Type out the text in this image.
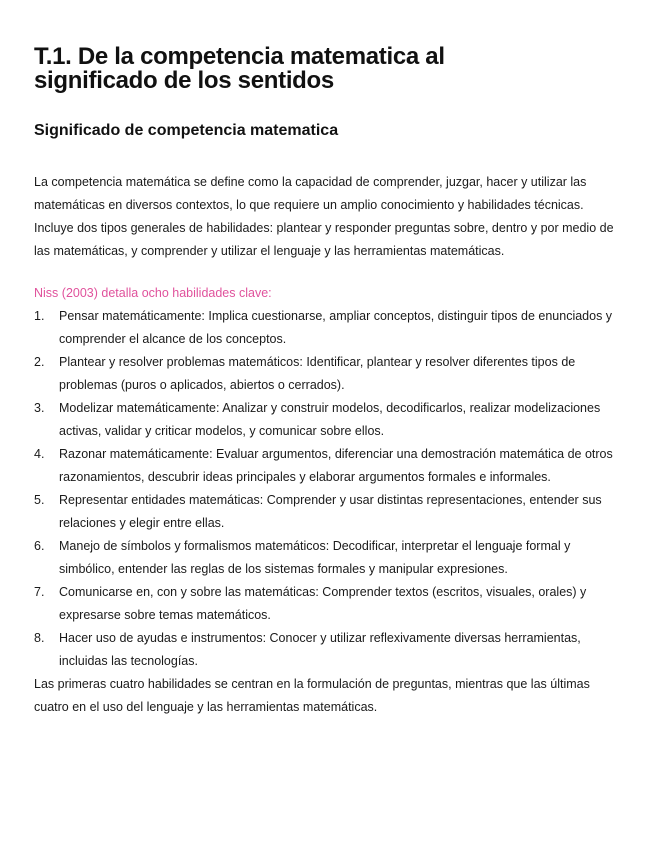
T.1. De la competencia matematica al
significado de los sentidos
Significado de competencia matematica

La competencia matemática se define como la capacidad de comprender, juzgar, hacer y utilizar las matemáticas en diversos contextos, lo que requiere un amplio conocimiento y habilidades técnicas. Incluye dos tipos generales de habilidades: plantear y responder preguntas sobre, dentro y por medio de las matemáticas, y comprender y utilizar el lenguaje y las herramientas matemáticas.

Niss (2003) detalla ocho habilidades clave:

1. Pensar matemáticamente: Implica cuestionarse, ampliar conceptos, distinguir tipos de enunciados y comprender el alcance de los conceptos.
2. Plantear y resolver problemas matemáticos: Identificar, plantear y resolver diferentes tipos de problemas (puros o aplicados, abiertos o cerrados).
3. Modelizar matemáticamente: Analizar y construir modelos, decodificarlos, realizar modelizaciones activas, validar y criticar modelos, y comunicar sobre ellos.
4. Razonar matemáticamente: Evaluar argumentos, diferenciar una demostración matemática de otros razonamientos, descubrir ideas principales y elaborar argumentos formales e informales.
5. Representar entidades matemáticas: Comprender y usar distintas representaciones, entender sus relaciones y elegir entre ellas.
6. Manejo de símbolos y formalismos matemáticos: Decodificar, interpretar el lenguaje formal y simbólico, entender las reglas de los sistemas formales y manipular expresiones.
7. Comunicarse en, con y sobre las matemáticas: Comprender textos (escritos, visuales, orales) y expresarse sobre temas matemáticos.
8. Hacer uso de ayudas e instrumentos: Conocer y utilizar reflexivamente diversas herramientas, incluidas las tecnologías.

Las primeras cuatro habilidades se centran en la formulación de preguntas, mientras que las últimas cuatro en el uso del lenguaje y las herramientas matemáticas.
